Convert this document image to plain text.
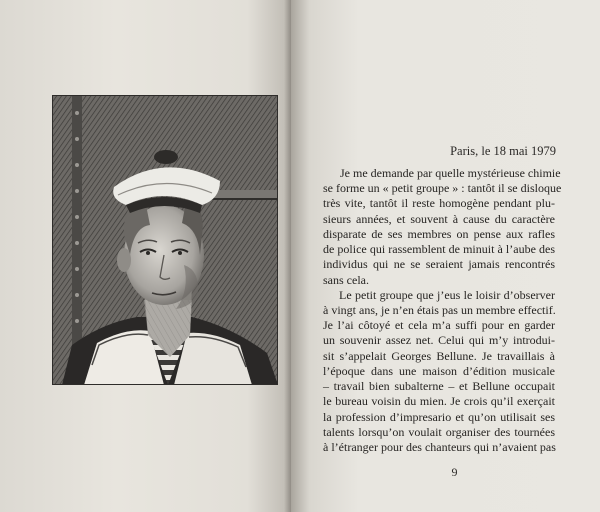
Paris, le 18 mai 1979
Je me demande par quelle mystérieuse chimie
se forme un « petit groupe » : tantôt il se disloque
très vite, tantôt il reste homogène pendant plu-
sieurs années, et souvent à cause du caractère
disparate de ses membres on pense aux rafles
de police qui rassemblent de minuit à l’aube des
individus qui ne se seraient jamais rencontrés
sans cela.
Le petit groupe que j’eus le loisir d’observer
à vingt ans, je n’en étais pas un membre effectif.
Je l’ai côtoyé et cela m’a suffi pour en garder
un souvenir assez net. Celui qui m’y introdui-
sit s’appelait Georges Bellune. Je travaillais à
l’époque dans une maison d’édition musicale
– travail bien subalterne – et Bellune occupait
le bureau voisin du mien. Je crois qu’il exerçait
la profession d’impresario et qu’on utilisait ses
9
talents lorsqu’on voulait organiser des tournées
à l’étranger pour des chanteurs qui n’avaient pas
